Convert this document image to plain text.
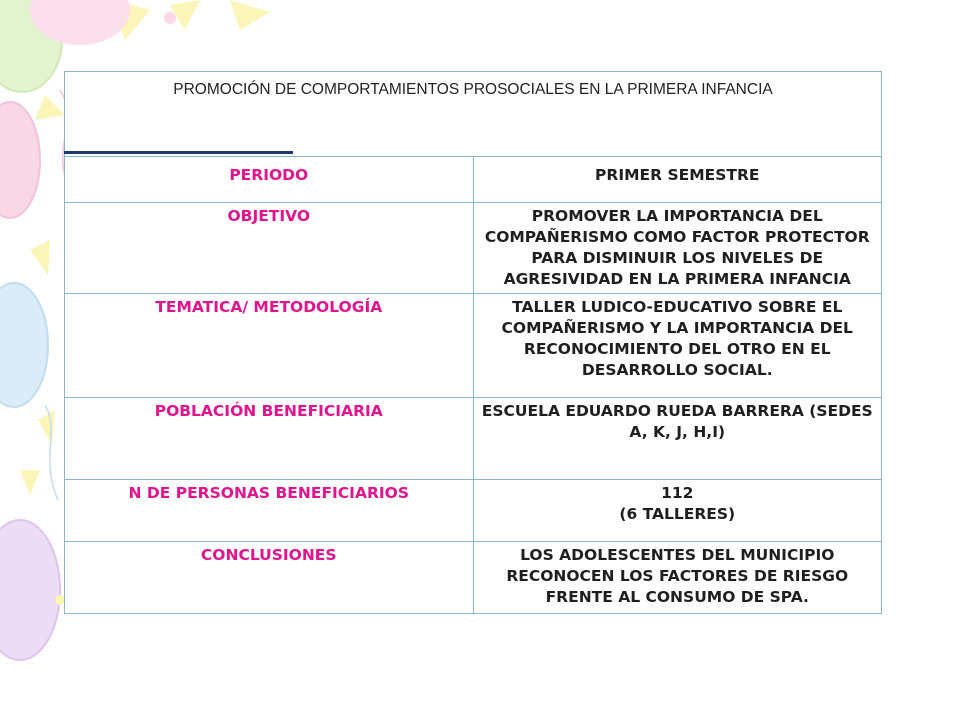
PROMOCIÓN DE COMPORTAMIENTOS PROSOCIALES EN LA PRIMERA INFANCIA	
PERIODO	PRIMER SEMESTRE
OBJETIVO	PROMOVER LA IMPORTANCIA DEL COMPAÑERISMO COMO FACTOR PROTECTOR PARA DISMINUIR LOS NIVELES DE AGRESIVIDAD EN LA PRIMERA INFANCIA
TEMATICA/ METODOLOGÍA	TALLER LUDICO-EDUCATIVO SOBRE EL COMPAÑERISMO Y LA IMPORTANCIA DEL RECONOCIMIENTO DEL OTRO EN EL DESARROLLO SOCIAL.
POBLACIÓN BENEFICIARIA	ESCUELA EDUARDO RUEDA BARRERA (SEDES A, K, J, H,I)
N DE PERSONAS BENEFICIARIOS	112
(6 TALLERES)

CONCLUSIONES	LOS ADOLESCENTES DEL MUNICIPIO RECONOCEN LOS FACTORES DE RIESGO FRENTE AL CONSUMO DE SPA.
